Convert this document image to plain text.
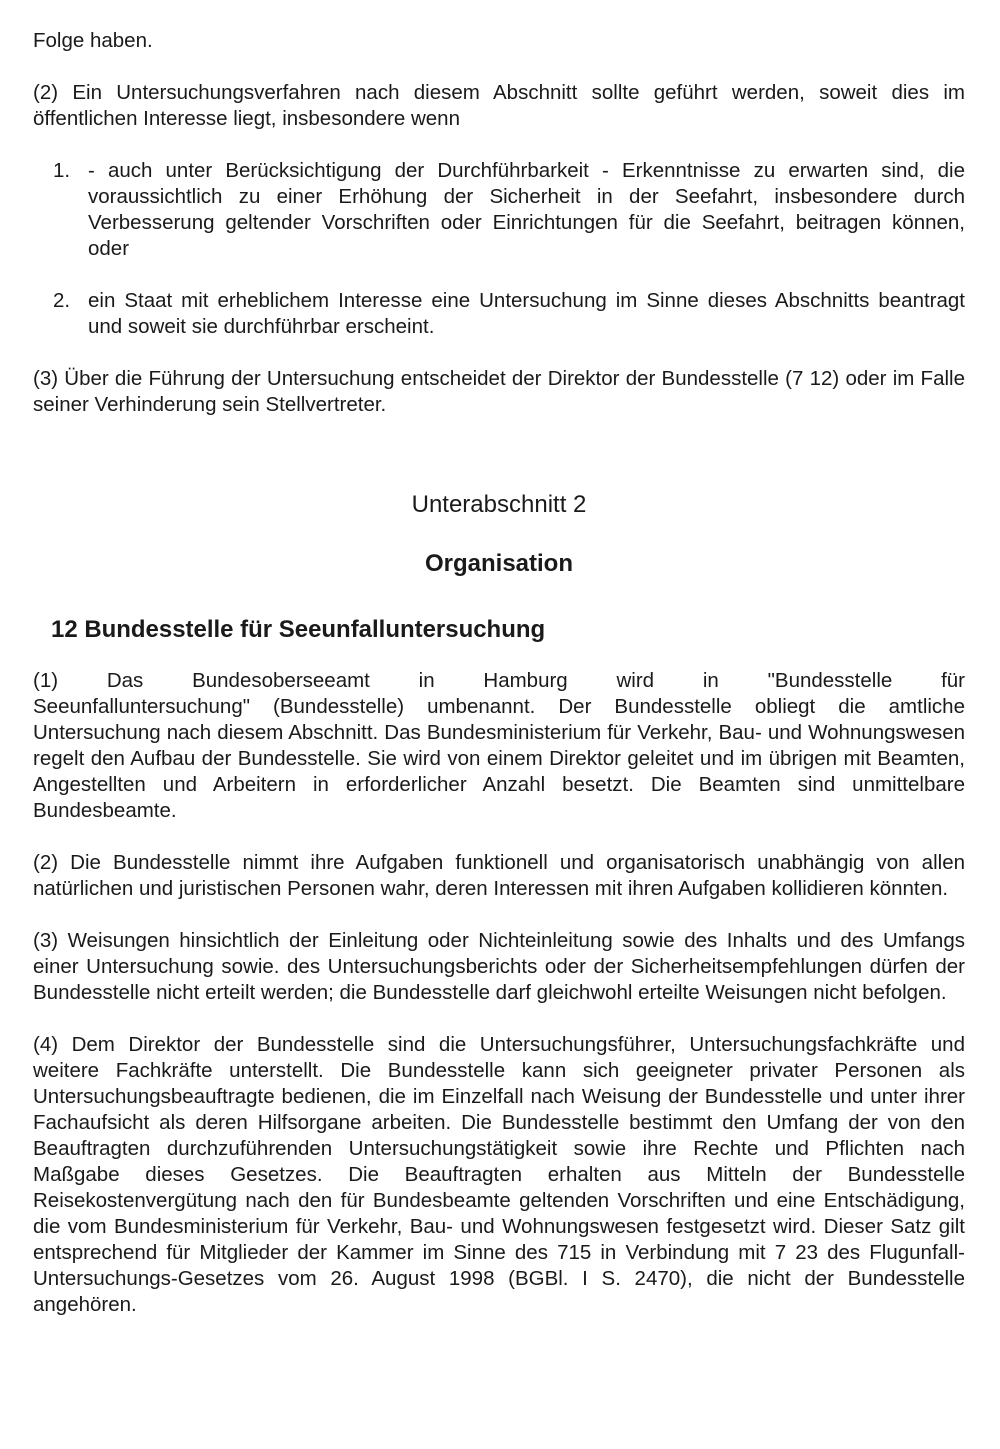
Folge haben.

(2) Ein Untersuchungsverfahren nach diesem Abschnitt sollte geführt werden, soweit dies im öffentlichen Interesse liegt, insbesondere wenn

1. - auch unter Berücksichtigung der Durchführbarkeit - Erkenntnisse zu erwarten sind, die voraussichtlich zu einer Erhöhung der Sicherheit in der Seefahrt, insbesondere durch Verbesserung geltender Vorschriften oder Einrichtungen für die Seefahrt, beitragen können, oder
2. ein Staat mit erheblichem Interesse eine Untersuchung im Sinne dieses Abschnitts beantragt und soweit sie durchführbar erscheint.

(3) Über die Führung der Untersuchung entscheidet der Direktor der Bundesstelle (7 12) oder im Falle seiner Verhinderung sein Stellvertreter.

Unterabschnitt 2

Organisation
12 Bundesstelle für Seeunfalluntersuchung

(1) Das Bundesoberseeamt in Hamburg wird in "Bundesstelle für

Seeunfalluntersuchung" (Bundesstelle) umbenannt. Der Bundesstelle obliegt die amtliche Untersuchung nach diesem Abschnitt. Das Bundesministerium für Verkehr, Bau- und Wohnungswesen regelt den Aufbau der Bundesstelle. Sie wird von einem Direktor geleitet und im übrigen mit Beamten, Angestellten und Arbeitern in erforderlicher Anzahl besetzt. Die Beamten sind unmittelbare Bundesbeamte.

(2) Die Bundesstelle nimmt ihre Aufgaben funktionell und organisatorisch unabhängig von allen natürlichen und juristischen Personen wahr, deren Interessen mit ihren Aufgaben kollidieren könnten.

(3) Weisungen hinsichtlich der Einleitung oder Nichteinleitung sowie des Inhalts und des Umfangs einer Untersuchung sowie. des Untersuchungsberichts oder der Sicherheitsempfehlungen dürfen der Bundesstelle nicht erteilt werden; die Bundesstelle darf gleichwohl erteilte Weisungen nicht befolgen.

(4) Dem Direktor der Bundesstelle sind die Untersuchungsführer, Untersuchungsfachkräfte und weitere Fachkräfte unterstellt. Die Bundesstelle kann sich geeigneter privater Personen als Untersuchungsbeauftragte bedienen, die im Einzelfall nach Weisung der Bundesstelle und unter ihrer Fachaufsicht als deren Hilfsorgane arbeiten. Die Bundesstelle bestimmt den Umfang der von den Beauftragten durchzuführenden Untersuchungstätigkeit sowie ihre Rechte und Pflichten nach Maßgabe dieses Gesetzes. Die Beauftragten erhalten aus Mitteln der Bundesstelle Reisekostenvergütung nach den für Bundesbeamte geltenden Vorschriften und eine Entschädigung, die vom Bundesministerium für Verkehr, Bau- und Wohnungswesen festgesetzt wird. Dieser Satz gilt entsprechend für Mitglieder der Kammer im Sinne des 715 in Verbindung mit 7 23 des Flugunfall-Untersuchungs-Gesetzes vom 26. August 1998 (BGBl. I S. 2470), die nicht der Bundesstelle angehören.
